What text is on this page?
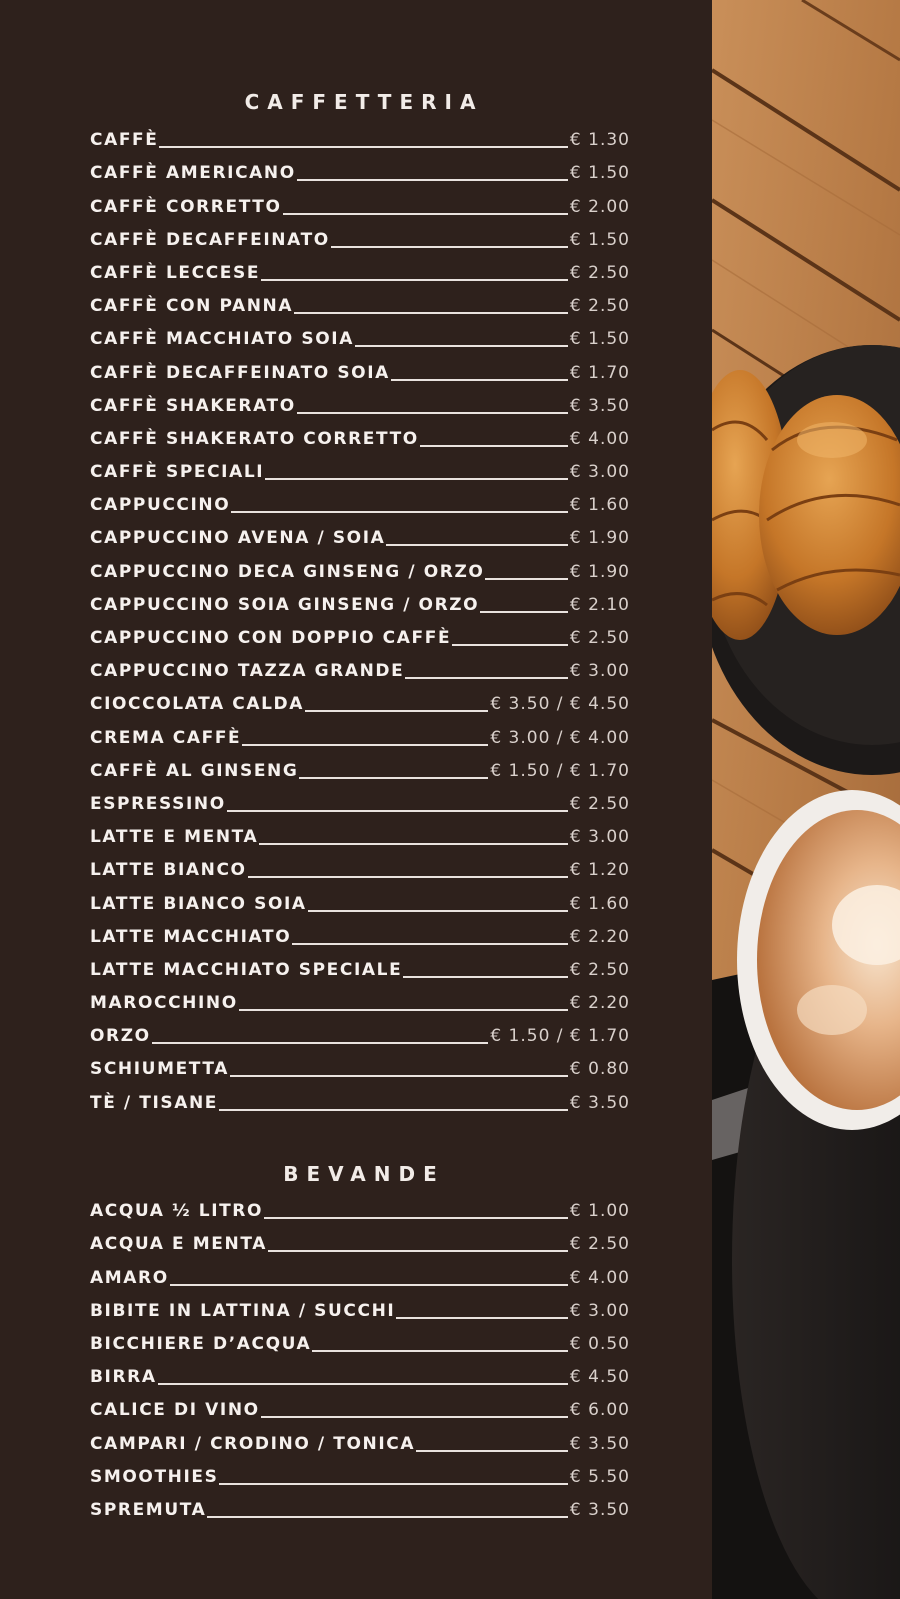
CAFFETTERIA
CAFFÈ	€ 1.30
CAFFÈ AMERICANO	€ 1.50
CAFFÈ CORRETTO	€ 2.00
CAFFÈ DECAFFEINATO	€ 1.50
CAFFÈ LECCESE	€ 2.50
CAFFÈ CON PANNA	€ 2.50
CAFFÈ MACCHIATO SOIA	€ 1.50
CAFFÈ DECAFFEINATO SOIA	€ 1.70
CAFFÈ SHAKERATO	€ 3.50
CAFFÈ SHAKERATO CORRETTO	€ 4.00
CAFFÈ SPECIALI	€ 3.00
CAPPUCCINO	€ 1.60
CAPPUCCINO AVENA / SOIA	€ 1.90
CAPPUCCINO DECA GINSENG / ORZO	€ 1.90
CAPPUCCINO SOIA GINSENG / ORZO	€ 2.10
CAPPUCCINO CON DOPPIO CAFFÈ	€ 2.50
CAPPUCCINO TAZZA GRANDE	€ 3.00
CIOCCOLATA CALDA	€ 3.50 / € 4.50
CREMA CAFFÈ	€ 3.00 / € 4.00
CAFFÈ AL GINSENG	€ 1.50 / € 1.70
ESPRESSINO	€ 2.50
LATTE E MENTA	€ 3.00
LATTE BIANCO	€ 1.20
LATTE BIANCO SOIA	€ 1.60
LATTE MACCHIATO	€ 2.20
LATTE MACCHIATO SPECIALE	€ 2.50
MAROCCHINO	€ 2.20
ORZO	€ 1.50 / € 1.70
SCHIUMETTA	€ 0.80
TÈ / TISANE	€ 3.50
BEVANDE
ACQUA ½ LITRO	€ 1.00
ACQUA E MENTA	€ 2.50
AMARO	€ 4.00
BIBITE IN LATTINA / SUCCHI	€ 3.00
BICCHIERE D’ACQUA	€ 0.50
BIRRA	€ 4.50
CALICE DI VINO	€ 6.00
CAMPARI / CRODINO / TONICA	€ 3.50
SMOOTHIES	€ 5.50
SPREMUTA	€ 3.50
